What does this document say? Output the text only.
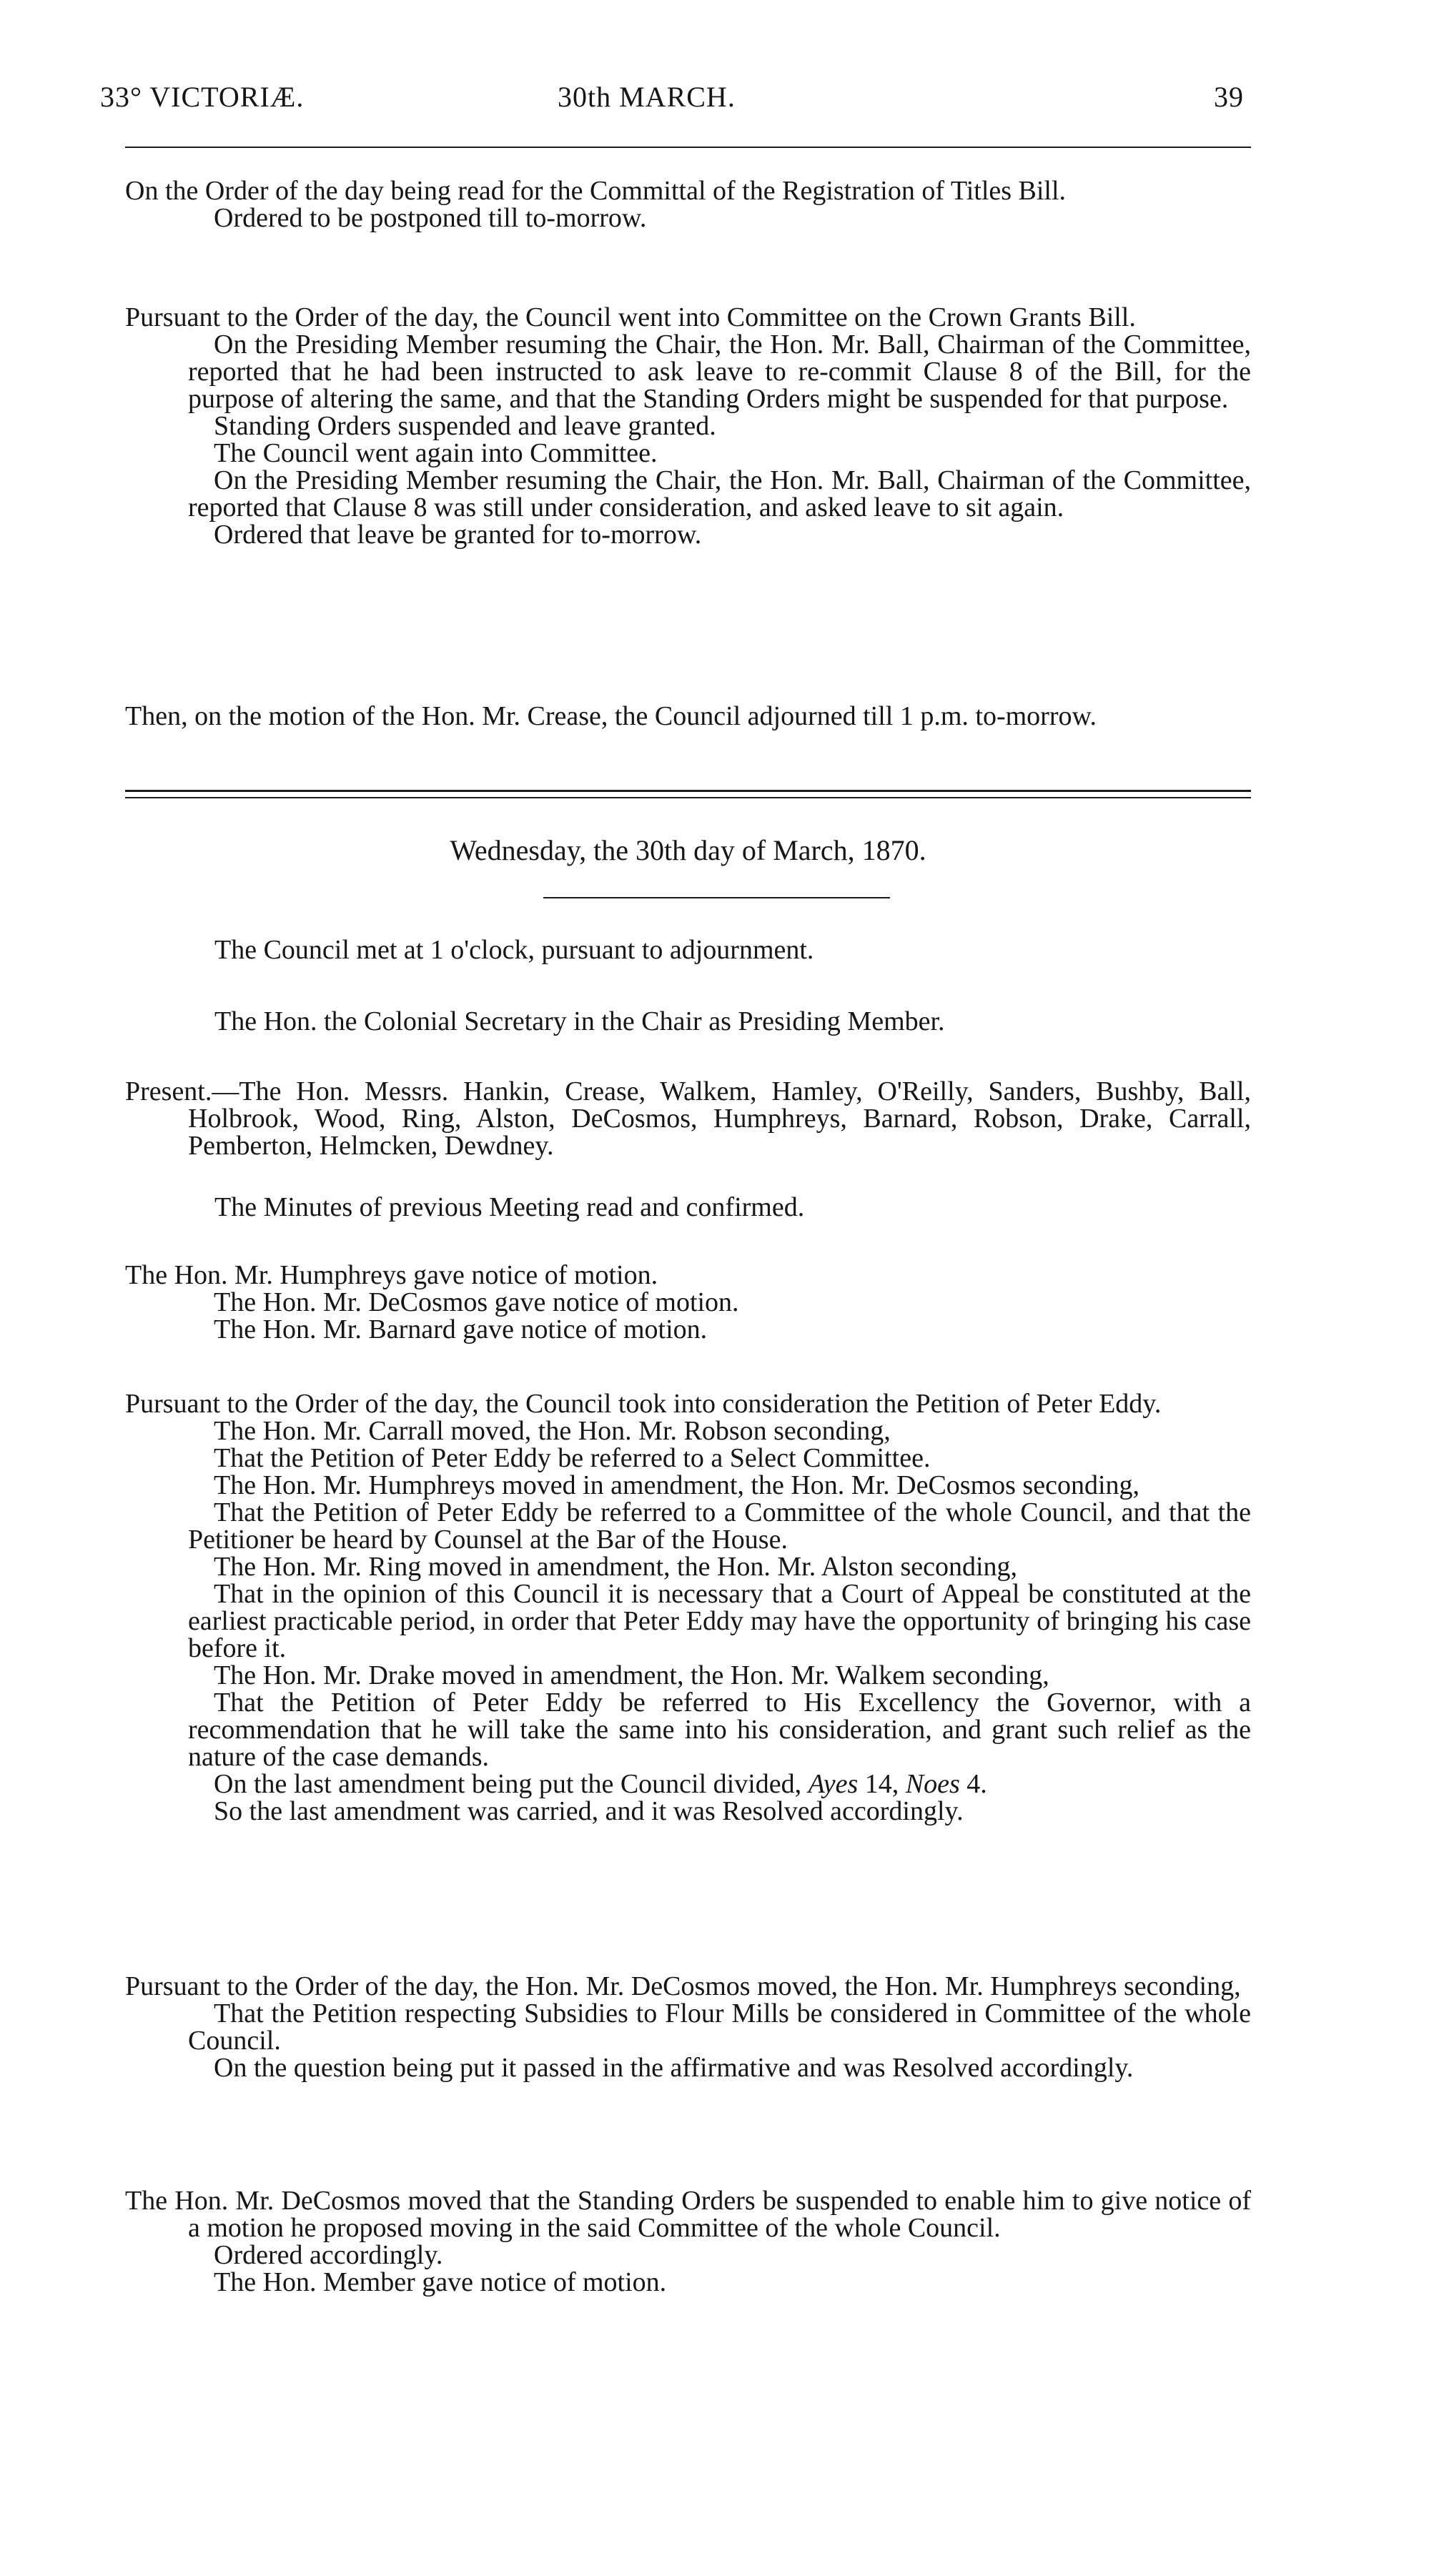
33° VICTORIÆ.	30th MARCH.	39

On the Order of the day being read for the Committal of the Registration of Titles Bill.

Ordered to be postponed till to-morrow.

Pursuant to the Order of the day, the Council went into Committee on the Crown Grants Bill.

On the Presiding Member resuming the Chair, the Hon. Mr. Ball, Chairman of the Committee, reported that he had been instructed to ask leave to re-commit Clause 8 of the Bill, for the purpose of altering the same, and that the Standing Orders might be suspended for that purpose.

Standing Orders suspended and leave granted.

The Council went again into Committee.

On the Presiding Member resuming the Chair, the Hon. Mr. Ball, Chairman of the Committee, reported that Clause 8 was still under consideration, and asked leave to sit again.

Ordered that leave be granted for to-morrow.

Then, on the motion of the Hon. Mr. Crease, the Council adjourned till 1 p.m. to-morrow.

Wednesday, the 30th day of March, 1870.
The Council met at 1 o'clock, pursuant to adjournment.
The Hon. the Colonial Secretary in the Chair as Presiding Member.

Present.—The Hon. Messrs. Hankin, Crease, Walkem, Hamley, O'Reilly, Sanders, Bushby, Ball, Holbrook, Wood, Ring, Alston, DeCosmos, Humphreys, Barnard, Robson, Drake, Carrall, Pemberton, Helmcken, Dewdney.

The Minutes of previous Meeting read and confirmed.

The Hon. Mr. Humphreys gave notice of motion.

The Hon. Mr. DeCosmos gave notice of motion.

The Hon. Mr. Barnard gave notice of motion.

Pursuant to the Order of the day, the Council took into consideration the Petition of Peter Eddy.

The Hon. Mr. Carrall moved, the Hon. Mr. Robson seconding,

That the Petition of Peter Eddy be referred to a Select Committee.

The Hon. Mr. Humphreys moved in amendment, the Hon. Mr. DeCosmos seconding,

That the Petition of Peter Eddy be referred to a Committee of the whole Council, and that the Petitioner be heard by Counsel at the Bar of the House.

The Hon. Mr. Ring moved in amendment, the Hon. Mr. Alston seconding,

That in the opinion of this Council it is necessary that a Court of Appeal be constituted at the earliest practicable period, in order that Peter Eddy may have the opportunity of bringing his case before it.

The Hon. Mr. Drake moved in amendment, the Hon. Mr. Walkem seconding,

That the Petition of Peter Eddy be referred to His Excellency the Governor, with a recommendation that he will take the same into his consideration, and grant such relief as the nature of the case demands.

On the last amendment being put the Council divided, Ayes 14, Noes 4.

So the last amendment was carried, and it was Resolved accordingly.

Pursuant to the Order of the day, the Hon. Mr. DeCosmos moved, the Hon. Mr. Humphreys seconding,

That the Petition respecting Subsidies to Flour Mills be considered in Committee of the whole Council.

On the question being put it passed in the affirmative and was Resolved accordingly.

The Hon. Mr. DeCosmos moved that the Standing Orders be suspended to enable him to give notice of a motion he proposed moving in the said Committee of the whole Council.

Ordered accordingly.

The Hon. Member gave notice of motion.
